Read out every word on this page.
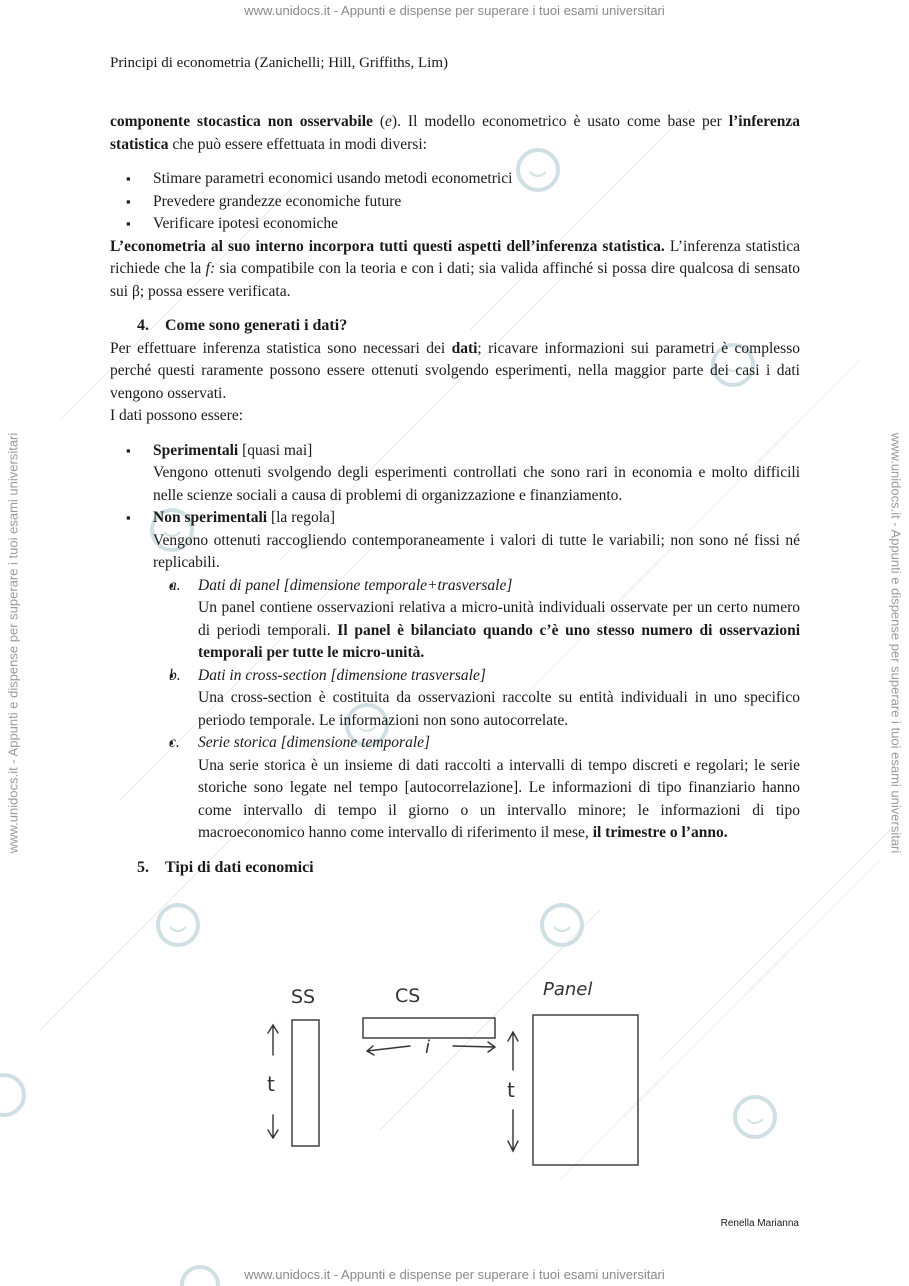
www.unidocs.it - Appunti e dispense per superare i tuoi esami universitari
www.unidocs.it - Appunti e dispense per superare i tuoi esami universitari
www.unidocs.it - Appunti e dispense per superare i tuoi esami universitari	www.unidocs.it - Appunti e dispense per superare i tuoi esami universitari
Principi di econometria (Zanichelli; Hill, Griffiths, Lim)

componente stocastica non osservabile (e). Il modello econometrico è usato come base per l’inferenza statistica che può essere effettuata in modi diversi:

▪ Stimare parametri economici usando metodi econometrici
▪ Prevedere grandezze economiche future
▪ Verificare ipotesi economiche

L’econometria al suo interno incorpora tutti questi aspetti dell’inferenza statistica. L’inferenza statistica richiede che la f: sia compatibile con la teoria e con i dati; sia valida affinché si possa dire qualcosa di sensato sui β; possa essere verificata.

4. Come sono generati i dati?

Per effettuare inferenza statistica sono necessari dei dati; ricavare informazioni sui parametri è complesso perché questi raramente possono essere ottenuti svolgendo esperimenti, nella maggior parte dei casi i dati vengono osservati.

I dati possono essere:

▪ Sperimentali [quasi mai]
Vengono ottenuti svolgendo degli esperimenti controllati che sono rari in economia e molto difficili nelle scienze sociali a causa di problemi di organizzazione e finanziamento.
▪ Non sperimentali [la regola]
Vengono ottenuti raccogliendo contemporaneamente i valori di tutte le variabili; non sono né fissi né replicabili.
▪ a. Dati di panel [dimensione temporale+trasversale]
Un panel contiene osservazioni relativa a micro-unità individuali osservate per un certo numero di periodi temporali. Il panel è bilanciato quando c’è uno stesso numero di osservazioni temporali per tutte le micro-unità.
▪ b. Dati in cross-section [dimensione trasversale]
Una cross-section è costituita da osservazioni raccolte su entità individuali in uno specifico periodo temporale. Le informazioni non sono autocorrelate.
▪ c. Serie storica [dimensione temporale]
Una serie storica è un insieme di dati raccolti a intervalli di tempo discreti e regolari; le serie storiche sono legate nel tempo [autocorrelazione]. Le informazioni di tipo finanziario hanno come intervallo di tempo il giorno o un intervallo minore; le informazioni di tipo macroeconomico hanno come intervallo di riferimento il mese, il trimestre o l’anno.
5. Tipi di dati economici
SS	CS	Panel
t
i
t
Renella Marianna
